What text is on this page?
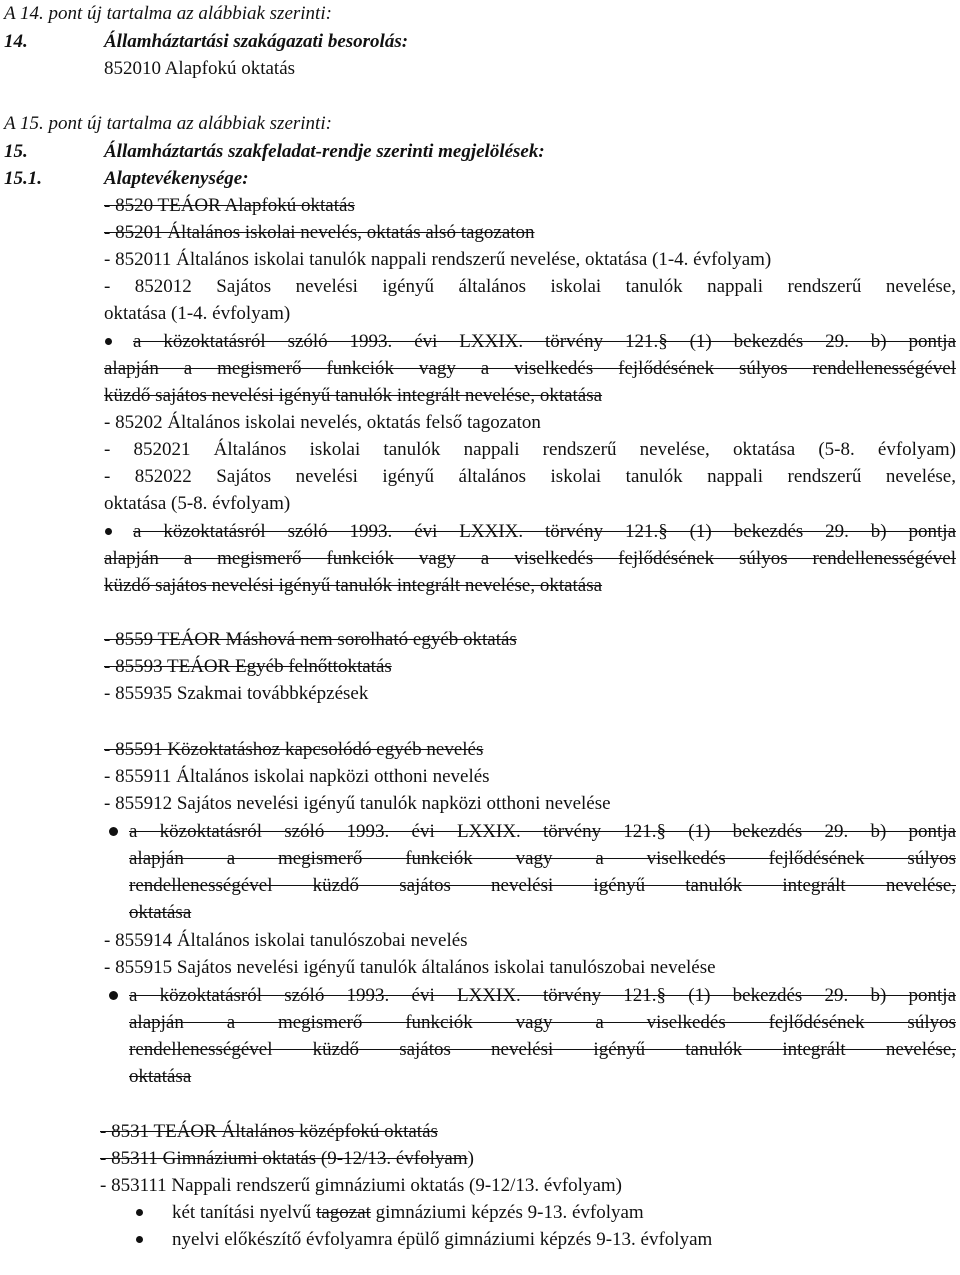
A 14. pont új tartalma az alábbiak szerinti:
14.	Államháztartási szakágazati besorolás:
852010 Alapfokú oktatás
A 15. pont új tartalma az alábbiak szerinti:
15.	Államháztartás szakfeladat-rendje szerinti megjelölések:
15.1.	Alaptevékenysége:
- 8520 TEÁOR Alapfokú oktatás
- 85201 Általános iskolai nevelés, oktatás alsó tagozaton
- 852011 Általános iskolai tanulók nappali rendszerű nevelése, oktatása (1-4. évfolyam)
- 852012 Sajátos nevelési igényű általános iskolai tanulók nappali rendszerű nevelése,
oktatása (1-4. évfolyam)
a közoktatásról szóló 1993. évi LXXIX. törvény 121.§ (1) bekezdés 29. b) pontja
alapján a megismerő funkciók vagy a viselkedés fejlődésének súlyos rendellenességével
küzdő sajátos nevelési igényű tanulók integrált nevelése, oktatása
- 85202 Általános iskolai nevelés, oktatás felső tagozaton
- 852021 Általános iskolai tanulók nappali rendszerű nevelése, oktatása (5-8. évfolyam)
- 852022 Sajátos nevelési igényű általános iskolai tanulók nappali rendszerű nevelése,
oktatása (5-8. évfolyam)
a közoktatásról szóló 1993. évi LXXIX. törvény 121.§ (1) bekezdés 29. b) pontja
alapján a megismerő funkciók vagy a viselkedés fejlődésének súlyos rendellenességével
küzdő sajátos nevelési igényű tanulók integrált nevelése, oktatása
- 8559 TEÁOR Máshová nem sorolható egyéb oktatás
- 85593 TEÁOR Egyéb felnőttoktatás
- 855935 Szakmai továbbképzések
- 85591 Közoktatáshoz kapcsolódó egyéb nevelés
- 855911 Általános iskolai napközi otthoni nevelés
- 855912 Sajátos nevelési igényű tanulók napközi otthoni nevelése
a közoktatásról szóló 1993. évi LXXIX. törvény 121.§ (1) bekezdés 29. b) pontja
alapján a megismerő funkciók vagy a viselkedés fejlődésének súlyos
rendellenességével küzdő sajátos nevelési igényű tanulók integrált nevelése,
oktatása
- 855914 Általános iskolai tanulószobai nevelés
- 855915 Sajátos nevelési igényű tanulók általános iskolai tanulószobai nevelése
a közoktatásról szóló 1993. évi LXXIX. törvény 121.§ (1) bekezdés 29. b) pontja
alapján a megismerő funkciók vagy a viselkedés fejlődésének súlyos
rendellenességével küzdő sajátos nevelési igényű tanulók integrált nevelése,
oktatása
- 8531 TEÁOR Általános középfokú oktatás
- 85311 Gimnáziumi oktatás (9-12/13. évfolyam)
- 853111 Nappali rendszerű gimnáziumi oktatás (9-12/13. évfolyam)
két tanítási nyelvű tagozat gimnáziumi képzés 9-13. évfolyam
nyelvi előkészítő évfolyamra épülő gimnáziumi képzés 9-13. évfolyam
